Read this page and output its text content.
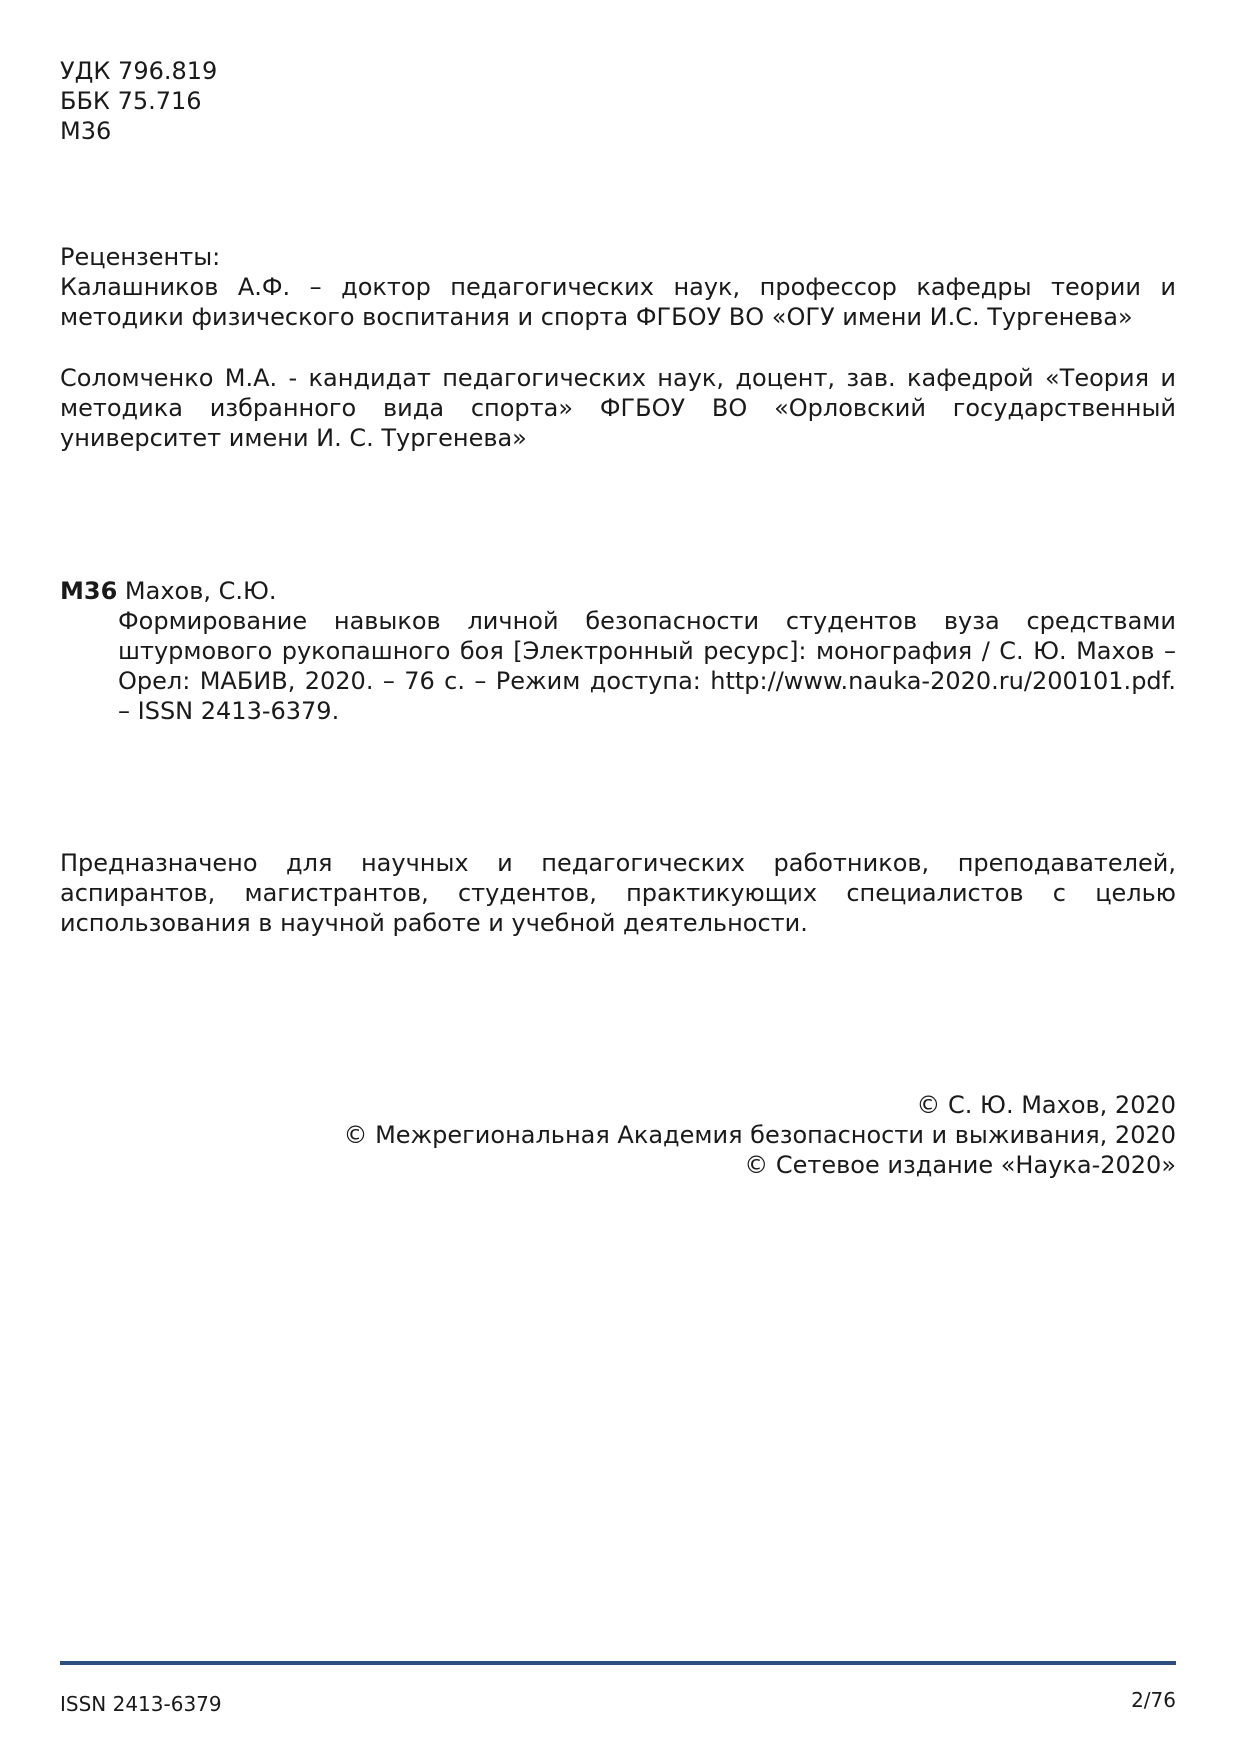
УДК 796.819
ББК 75.716
М36
Рецензенты:
Калашников А.Ф. – доктор педагогических наук, профессор кафедры теории и методики физического воспитания и спорта ФГБОУ ВО «ОГУ имени И.С. Тургенева»
Соломченко М.А. - кандидат педагогических наук, доцент, зав. кафедрой «Теория и методика избранного вида спорта» ФГБОУ ВО «Орловский государственный университет имени И. С. Тургенева»
М36 Махов, С.Ю.
Формирование навыков личной безопасности студентов вуза средствами штурмового рукопашного боя [Электронный ресурс]: монография / С. Ю. Махов – Орел: МАБИВ, 2020. – 76 с. – Режим доступа: http://www.nauka-2020.ru/200101.pdf. – ISSN 2413-6379.
Предназначено для научных и педагогических работников, преподавателей, аспирантов, магистрантов, студентов, практикующих специалистов с целью использования в научной работе и учебной деятельности.
© С. Ю. Махов, 2020
© Межрегиональная Академия безопасности и выживания, 2020
© Сетевое издание «Наука-2020»
ISSN 2413-6379	2/76
